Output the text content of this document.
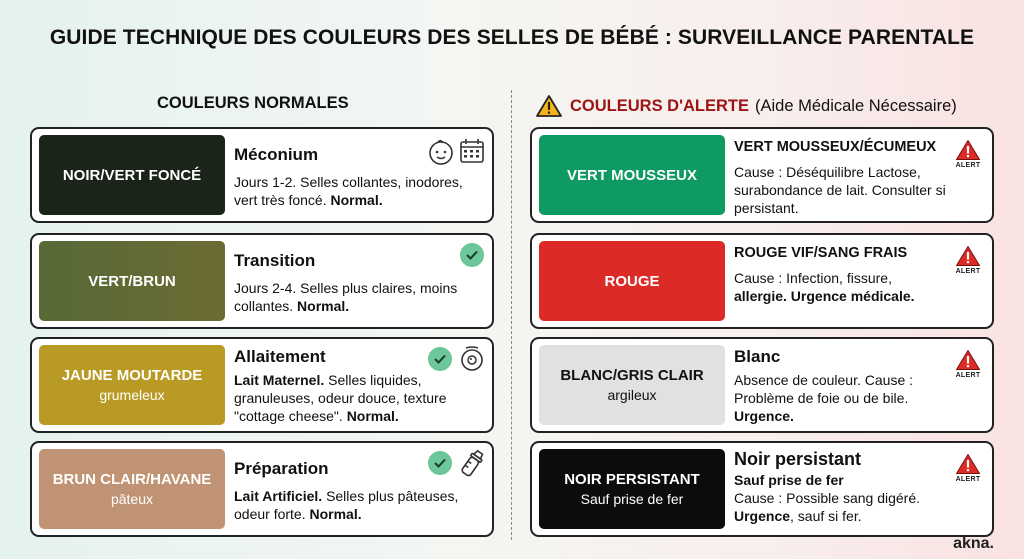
GUIDE TECHNIQUE DES COULEURS DES SELLES DE BÉBÉ : SURVEILLANCE PARENTALE
COULEURS NORMALES	COULEURS D'ALERTE (Aide Médicale Nécessaire)
NOIR/VERT FONCÉ
Méconium
Jours 1-2. Selles collantes, inodores, vert très foncé. Normal.
VERT/BRUN
Transition
Jours 2-4. Selles plus claires, moins collantes. Normal.
JAUNE MOUTARDE
grumeleux
Allaitement
Lait Maternel. Selles liquides, granuleuses, odeur douce, texture "cottage cheese". Normal.
BRUN CLAIR/HAVANE
pâteux
Préparation
Lait Artificiel. Selles plus pâteuses, odeur forte. Normal.
VERT MOUSSEUX
VERT MOUSSEUX/ÉCUMEUX
Cause : Déséquilibre Lactose, surabondance de lait. Consulter si persistant.
ALERT
ROUGE
ROUGE VIF/SANG FRAIS
Cause : Infection, fissure, allergie. Urgence médicale.
ALERT
BLANC/GRIS CLAIR
argileux
Blanc
Absence de couleur. Cause : Problème de foie ou de bile. Urgence.
ALERT
NOIR PERSISTANT
Sauf prise de fer
Noir persistant
Sauf prise de fer
Cause : Possible sang digéré. Urgence, sauf si fer.
ALERT
akna.
